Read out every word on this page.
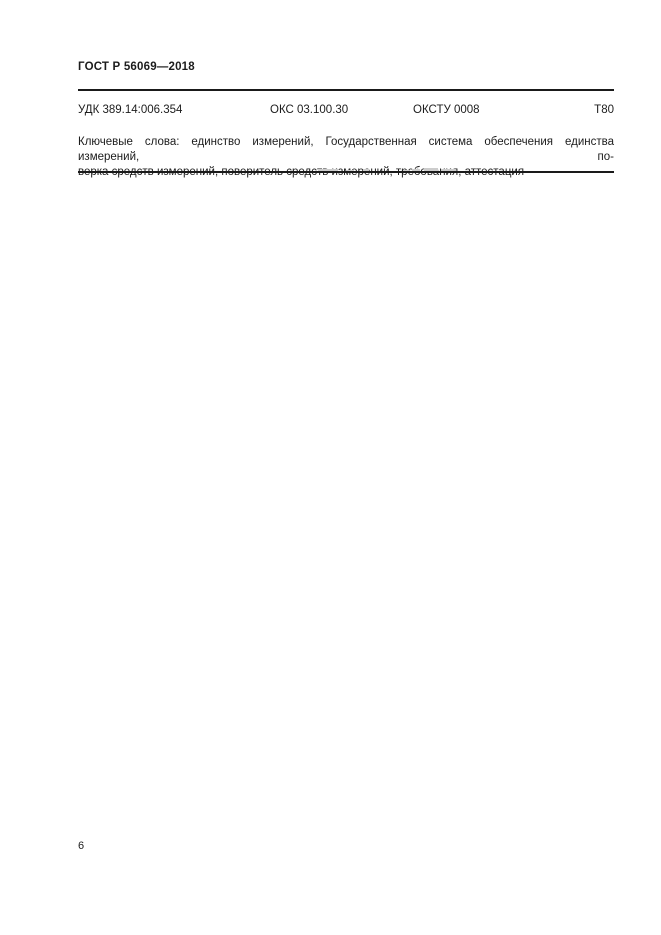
ГОСТ Р 56069—2018
УДК 389.14:006.354	ОКС 03.100.30	ОКСТУ 0008	Т80
Ключевые слова: единство измерений, Государственная система обеспечения единства измерений, по-
6
